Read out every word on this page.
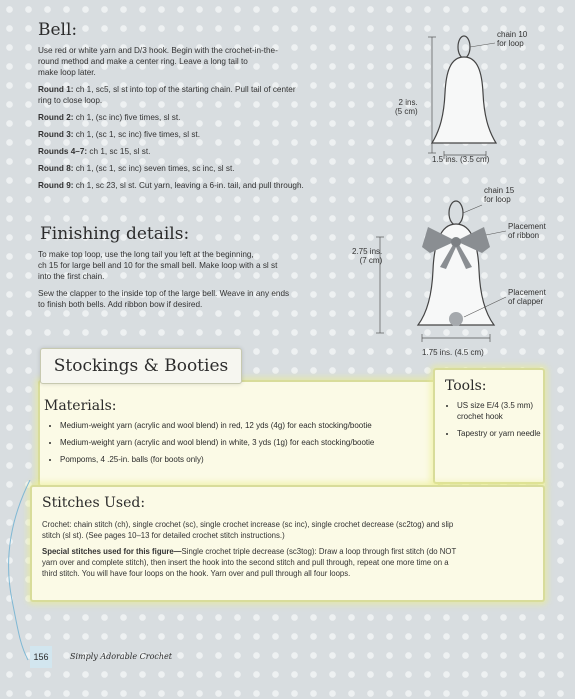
Bell:
Use red or white yarn and D/3 hook. Begin with the crochet-in-the-
round method and make a center ring. Leave a long tail to
make loop later.
Round 1: ch 1, sc5, sl st into top of the starting chain. Pull tail of center
ring to close loop.
Round 2: ch 1, (sc inc) five times, sl st.
Round 3: ch 1, (sc 1, sc inc) five times, sl st.
Rounds 4–7: ch 1, sc 15, sl st.
Round 8: ch 1, (sc 1, sc inc) seven times, sc inc, sl st.
Round 9: ch 1, sc 23, sl st. Cut yarn, leaving a 6-in. tail, and pull through.
chain 10
for loop
2 ins.
(5 cm)
1.5 ins. (3.5 cm)
Finishing details:
To make top loop, use the long tail you left at the beginning,
ch 15 for large bell and 10 for the small bell. Make loop with a sl st
into the first chain.
Sew the clapper to the inside top of the large bell. Weave in any ends
to finish both bells. Add ribbon bow if desired.
chain 15
for loop
Placement
of ribbon
2.75 ins.
(7 cm)
Placement
of clapper
1.75 ins. (4.5 cm)
Materials:
• Medium-weight yarn (acrylic and wool blend) in red, 12 yds (4g) for each stocking/bootie
• Medium-weight yarn (acrylic and wool blend) in white, 3 yds (1g) for each stocking/bootie
• Pompoms, 4 .25-in. balls (for boots only)
Stockings & Booties
Tools:
• US size E/4 (3.5 mm) crochet hook
• Tapestry or yarn needle
Stitches Used:
Crochet: chain stitch (ch), single crochet (sc), single crochet increase (sc inc), single crochet decrease (sc2tog) and slip
stitch (sl st). (See pages 10–13 for detailed crochet stitch instructions.)
Special stitches used for this figure—Single crochet triple decrease (sc3tog): Draw a loop through first stitch (do NOT
yarn over and complete stitch), then insert the hook into the second stitch and pull through, repeat one more time on a
third stitch. You will have four loops on the hook. Yarn over and pull through all four loops.
156	Simply Adorable Crochet
